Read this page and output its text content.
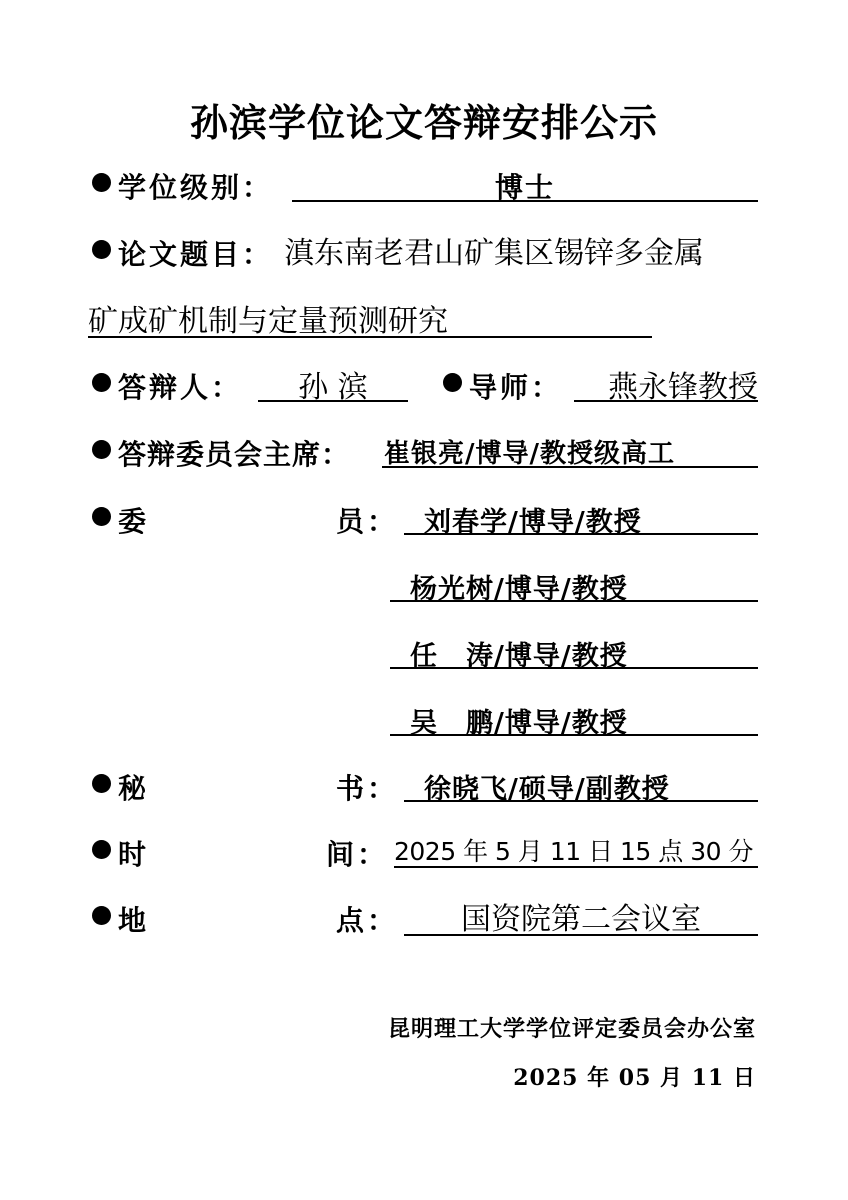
孙滨学位论文答辩安排公示
学位级别：	博士
论文题目： 滇东南老君山矿集区锡锌多金属
矿成矿机制与定量预测研究
答辩人：	孙 滨	导师：	燕永锋教授
答辩委员会主席： 崔银亮/博导/教授级高工
委	员： 刘春学/博导/教授
杨光树/博导/教授
任　涛/博导/教授
吴　鹏/博导/教授
秘	书： 徐晓飞/硕导/副教授
时	间： 2025 年 5 月 11 日 15 点 30 分
地	点：	国资院第二会议室
昆明理工大学学位评定委员会办公室
2025 年 05 月 11 日
